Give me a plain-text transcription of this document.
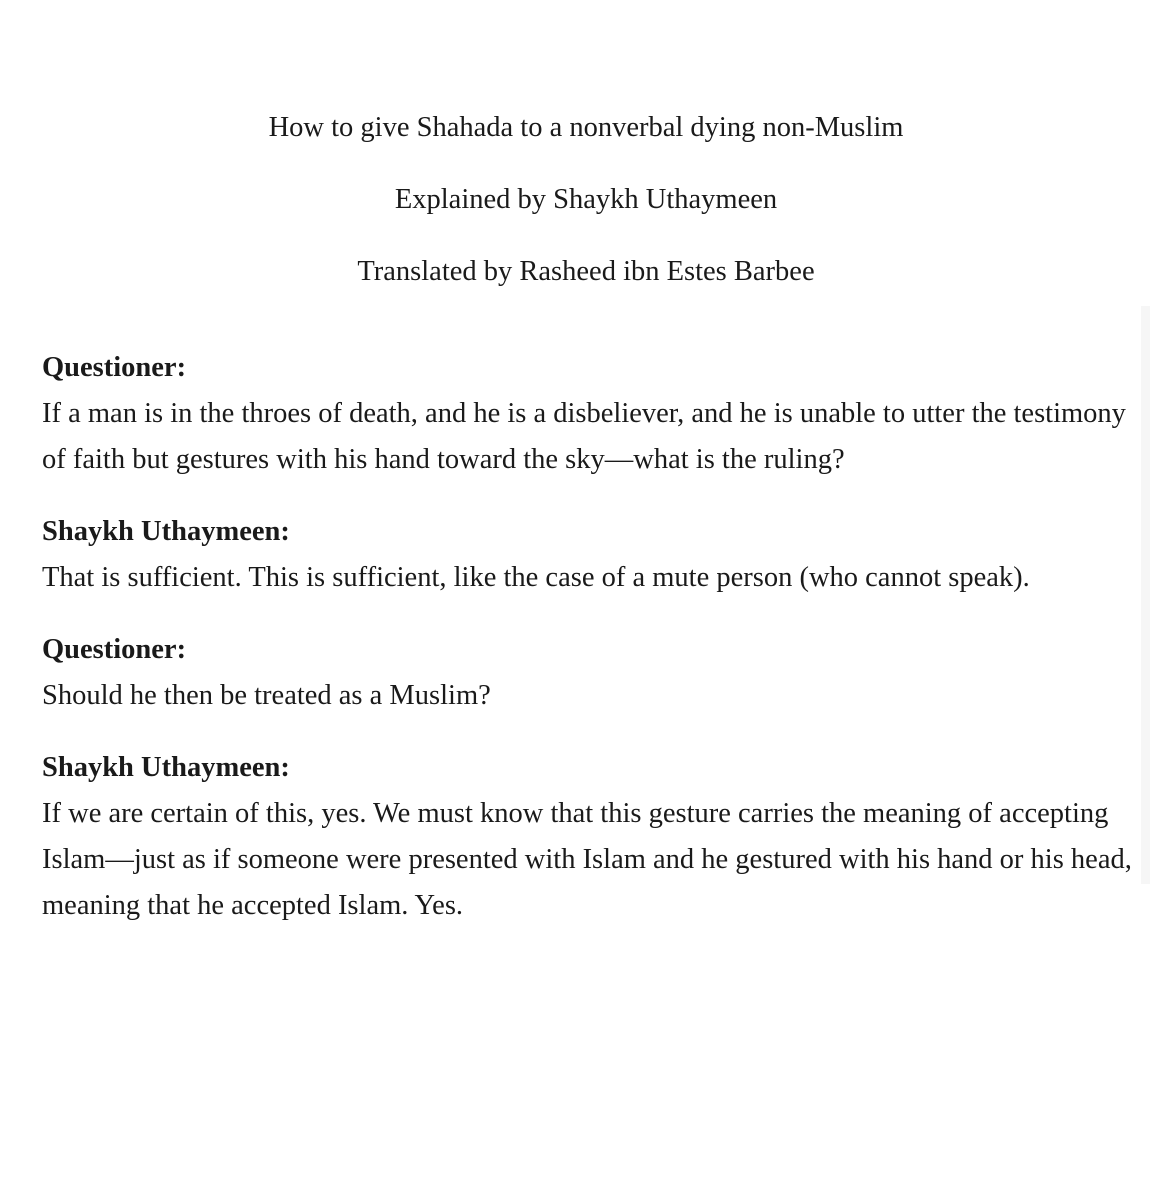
How to give Shahada to a nonverbal dying non-Muslim
Explained by Shaykh Uthaymeen
Translated by Rasheed ibn Estes Barbee
Questioner:
If a man is in the throes of death, and he is a disbeliever, and he is unable to utter the testimony of faith but gestures with his hand toward the sky—what is the ruling?
Shaykh Uthaymeen:
That is sufficient. This is sufficient, like the case of a mute person (who cannot speak).
Questioner:
Should he then be treated as a Muslim?
Shaykh Uthaymeen:
If we are certain of this, yes. We must know that this gesture carries the meaning of accepting Islam—just as if someone were presented with Islam and he gestured with his hand or his head, meaning that he accepted Islam. Yes.
